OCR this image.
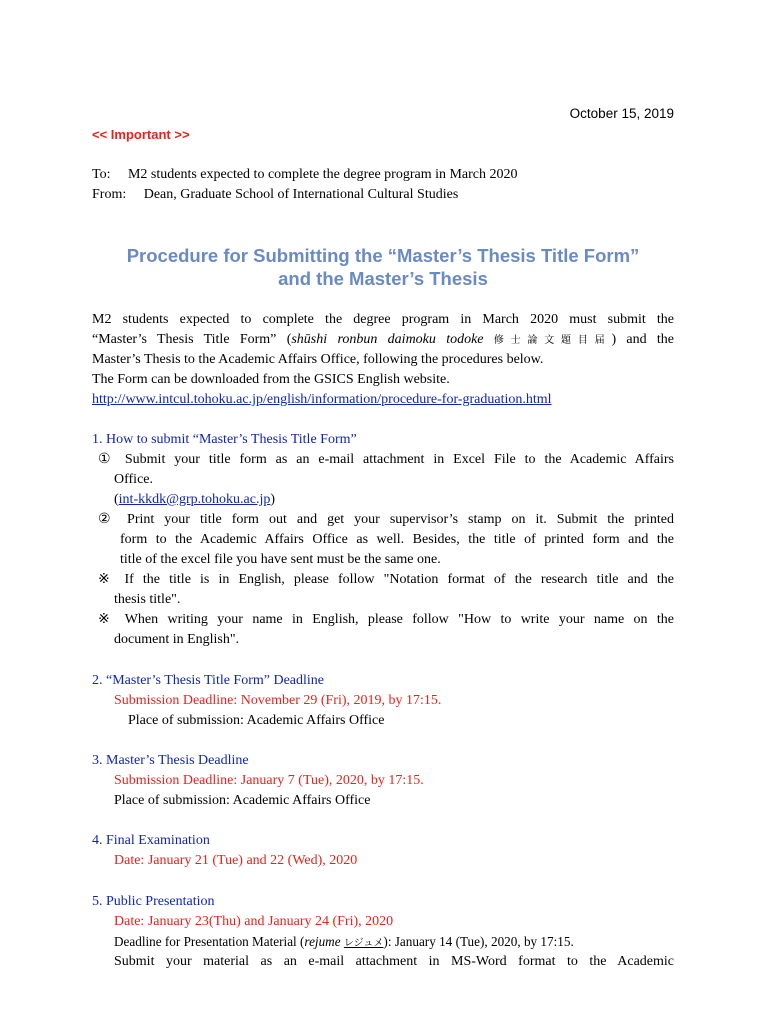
October 15, 2019
<< Important >>
To: M2 students expected to complete the degree program in March 2020
From: Dean, Graduate School of International Cultural Studies
Procedure for Submitting the “Master’s Thesis Title Form”
and the Master’s Thesis
M2 students expected to complete the degree program in March 2020 must submit the
“Master’s Thesis Title Form” (shūshi ronbun daimoku todoke 修士論文題目届) and the
Master’s Thesis to the Academic Affairs Office, following the procedures below.
The Form can be downloaded from the GSICS English website.
http://www.intcul.tohoku.ac.jp/english/information/procedure-for-graduation.html
1. How to submit “Master’s Thesis Title Form”
① Submit your title form as an e-mail attachment in Excel File to the Academic Affairs
Office.
(int-kkdk@grp.tohoku.ac.jp)
② Print your title form out and get your supervisor’s stamp on it. Submit the printed
form to the Academic Affairs Office as well. Besides, the title of printed form and the
title of the excel file you have sent must be the same one.
※ If the title is in English, please follow "Notation format of the research title and the
thesis title".
※ When writing your name in English, please follow "How to write your name on the
document in English".
2. “Master’s Thesis Title Form” Deadline
Submission Deadline: November 29 (Fri), 2019, by 17:15.
Place of submission: Academic Affairs Office
3. Master’s Thesis Deadline
Submission Deadline: January 7 (Tue), 2020, by 17:15.
Place of submission: Academic Affairs Office
4. Final Examination
Date: January 21 (Tue) and 22 (Wed), 2020
5. Public Presentation
Date: January 23(Thu) and January 24 (Fri), 2020
Deadline for Presentation Material (rejume レジュメ): January 14 (Tue), 2020, by 17:15.
Submit your material as an e-mail attachment in MS-Word format to the Academic
